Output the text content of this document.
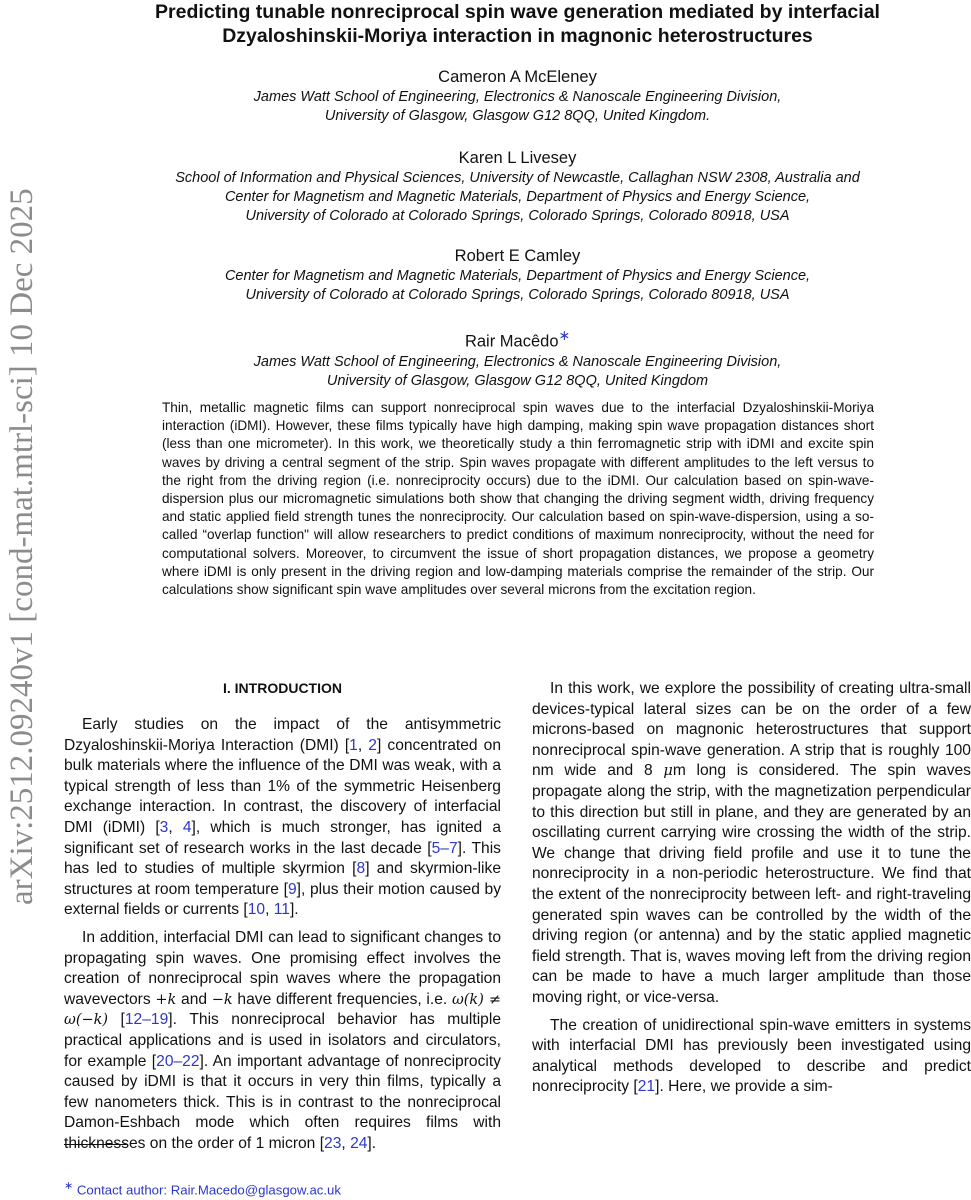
arXiv:2512.09240v1 [cond-mat.mtrl-sci] 10 Dec 2025
Predicting tunable nonreciprocal spin wave generation mediated by interfacial
Dzyaloshinskii-Moriya interaction in magnonic heterostructures
Cameron A McEleney
James Watt School of Engineering, Electronics & Nanoscale Engineering Division,
University of Glasgow, Glasgow G12 8QQ, United Kingdom.
Karen L Livesey
School of Information and Physical Sciences, University of Newcastle, Callaghan NSW 2308, Australia and
Center for Magnetism and Magnetic Materials, Department of Physics and Energy Science,
University of Colorado at Colorado Springs, Colorado Springs, Colorado 80918, USA
Robert E Camley
Center for Magnetism and Magnetic Materials, Department of Physics and Energy Science,
University of Colorado at Colorado Springs, Colorado Springs, Colorado 80918, USA
Rair Macêdo∗
James Watt School of Engineering, Electronics & Nanoscale Engineering Division,
University of Glasgow, Glasgow G12 8QQ, United Kingdom

Thin, metallic magnetic films can support nonreciprocal spin waves due to the interfacial Dzyaloshinskii-Moriya interaction (iDMI). However, these films typically have high damping, making spin wave propagation distances short (less than one micrometer). In this work, we theoretically study a thin ferromagnetic strip with iDMI and excite spin waves by driving a central segment of the strip. Spin waves propagate with different amplitudes to the left versus to the right from the driving region (i.e. nonreciprocity occurs) due to the iDMI. Our calculation based on spin-wave-dispersion plus our micromagnetic simulations both show that changing the driving segment width, driving frequency and static applied field strength tunes the nonreciprocity. Our calculation based on spin-wave-dispersion, using a so-called “overlap function" will allow researchers to predict conditions of maximum nonreciprocity, without the need for computational solvers. Moreover, to circumvent the issue of short propagation distances, we propose a geometry where iDMI is only present in the driving region and low-damping materials comprise the remainder of the strip. Our calculations show significant spin wave amplitudes over several microns from the excitation region.

I. INTRODUCTION

Early studies on the impact of the antisymmetric Dzyaloshinskii-Moriya Interaction (DMI) [1, 2] concentrated on bulk materials where the influence of the DMI was weak, with a typical strength of less than 1% of the symmetric Heisenberg exchange interaction. In contrast, the discovery of interfacial DMI (iDMI) [3, 4], which is much stronger, has ignited a significant set of research works in the last decade [5–7]. This has led to studies of multiple skyrmion [8] and skyrmion-like structures at room temperature [9], plus their motion caused by external fields or currents [10, 11].

In addition, interfacial DMI can lead to significant changes to propagating spin waves. One promising effect involves the creation of nonreciprocal spin waves where the propagation wavevectors +k and −k have different frequencies, i.e. ω(k) ≠ ω(−k) [12–19]. This nonreciprocal behavior has multiple practical applications and is used in isolators and circulators, for example [20–22]. An important advantage of nonreciprocity caused by iDMI is that it occurs in very thin films, typically a few nanometers thick. This is in contrast to the nonreciprocal Damon-Eshbach mode which often requires films with thicknesses on the order of 1 micron [23, 24].

In this work, we explore the possibility of creating ultra-small devices-typical lateral sizes can be on the order of a few microns-based on magnonic heterostructures that support nonreciprocal spin-wave generation. A strip that is roughly 100 nm wide and 8 μm long is considered. The spin waves propagate along the strip, with the magnetization perpendicular to this direction but still in plane, and they are generated by an oscillating current carrying wire crossing the width of the strip. We change that driving field profile and use it to tune the nonreciprocity in a non-periodic heterostructure. We find that the extent of the nonreciprocity between left- and right-traveling generated spin waves can be controlled by the width of the driving region (or antenna) and by the static applied magnetic field strength. That is, waves moving left from the driving region can be made to have a much larger amplitude than those moving right, or vice-versa.

The creation of unidirectional spin-wave emitters in systems with interfacial DMI has previously been investigated using analytical methods developed to describe and predict nonreciprocity [21]. Here, we provide a sim-

∗ Contact author: Rair.Macedo@glasgow.ac.uk
